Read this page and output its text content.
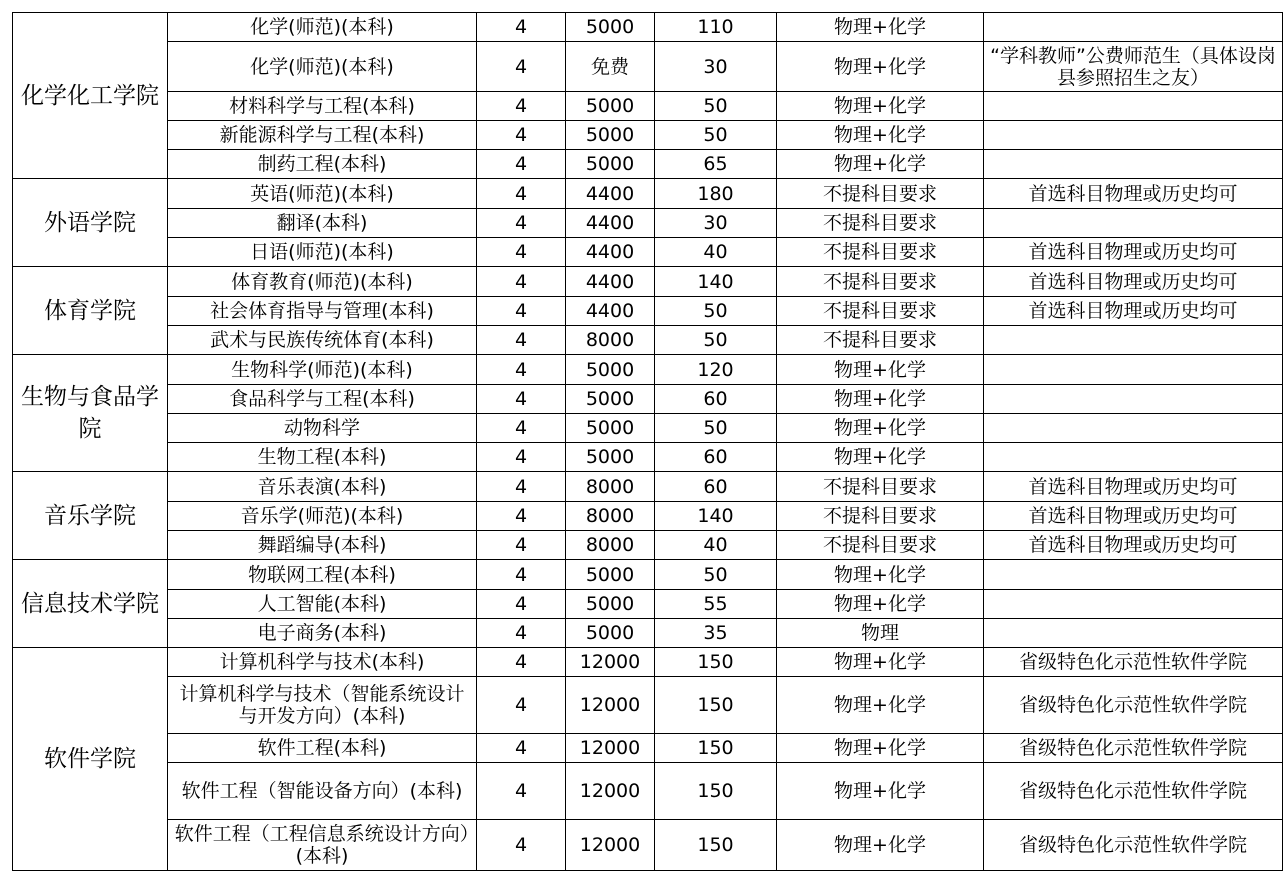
化学化工学院	化学(师范)(本科)	4	5000	110	物理+化学	
	化学(师范)(本科)	4	免费	30	物理+化学	“学科教师”公费师范生（具体设岗县参照招生之友）
	材料科学与工程(本科)	4	5000	50	物理+化学	
	新能源科学与工程(本科)	4	5000	50	物理+化学	
	制药工程(本科)	4	5000	65	物理+化学	
外语学院	英语(师范)(本科)	4	4400	180	不提科目要求	首选科目物理或历史均可
	翻译(本科)	4	4400	30	不提科目要求	
	日语(师范)(本科)	4	4400	40	不提科目要求	首选科目物理或历史均可
体育学院	体育教育(师范)(本科)	4	4400	140	不提科目要求	首选科目物理或历史均可
	社会体育指导与管理(本科)	4	4400	50	不提科目要求	首选科目物理或历史均可
	武术与民族传统体育(本科)	4	8000	50	不提科目要求	
生物与食品学院	生物科学(师范)(本科)	4	5000	120	物理+化学	
	食品科学与工程(本科)	4	5000	60	物理+化学	
	动物科学	4	5000	50	物理+化学	
	生物工程(本科)	4	5000	60	物理+化学	
音乐学院	音乐表演(本科)	4	8000	60	不提科目要求	首选科目物理或历史均可
	音乐学(师范)(本科)	4	8000	140	不提科目要求	首选科目物理或历史均可
	舞蹈编导(本科)	4	8000	40	不提科目要求	首选科目物理或历史均可
信息技术学院	物联网工程(本科)	4	5000	50	物理+化学	
	人工智能(本科)	4	5000	55	物理+化学	
	电子商务(本科)	4	5000	35	物理	
软件学院	计算机科学与技术(本科)	4	12000	150	物理+化学	省级特色化示范性软件学院
	计算机科学与技术（智能系统设计与开发方向）(本科)	4	12000	150	物理+化学	省级特色化示范性软件学院
	软件工程(本科)	4	12000	150	物理+化学	省级特色化示范性软件学院
	软件工程（智能设备方向）(本科)	4	12000	150	物理+化学	省级特色化示范性软件学院
	软件工程（工程信息系统设计方向）(本科)	4	12000	150	物理+化学	省级特色化示范性软件学院
